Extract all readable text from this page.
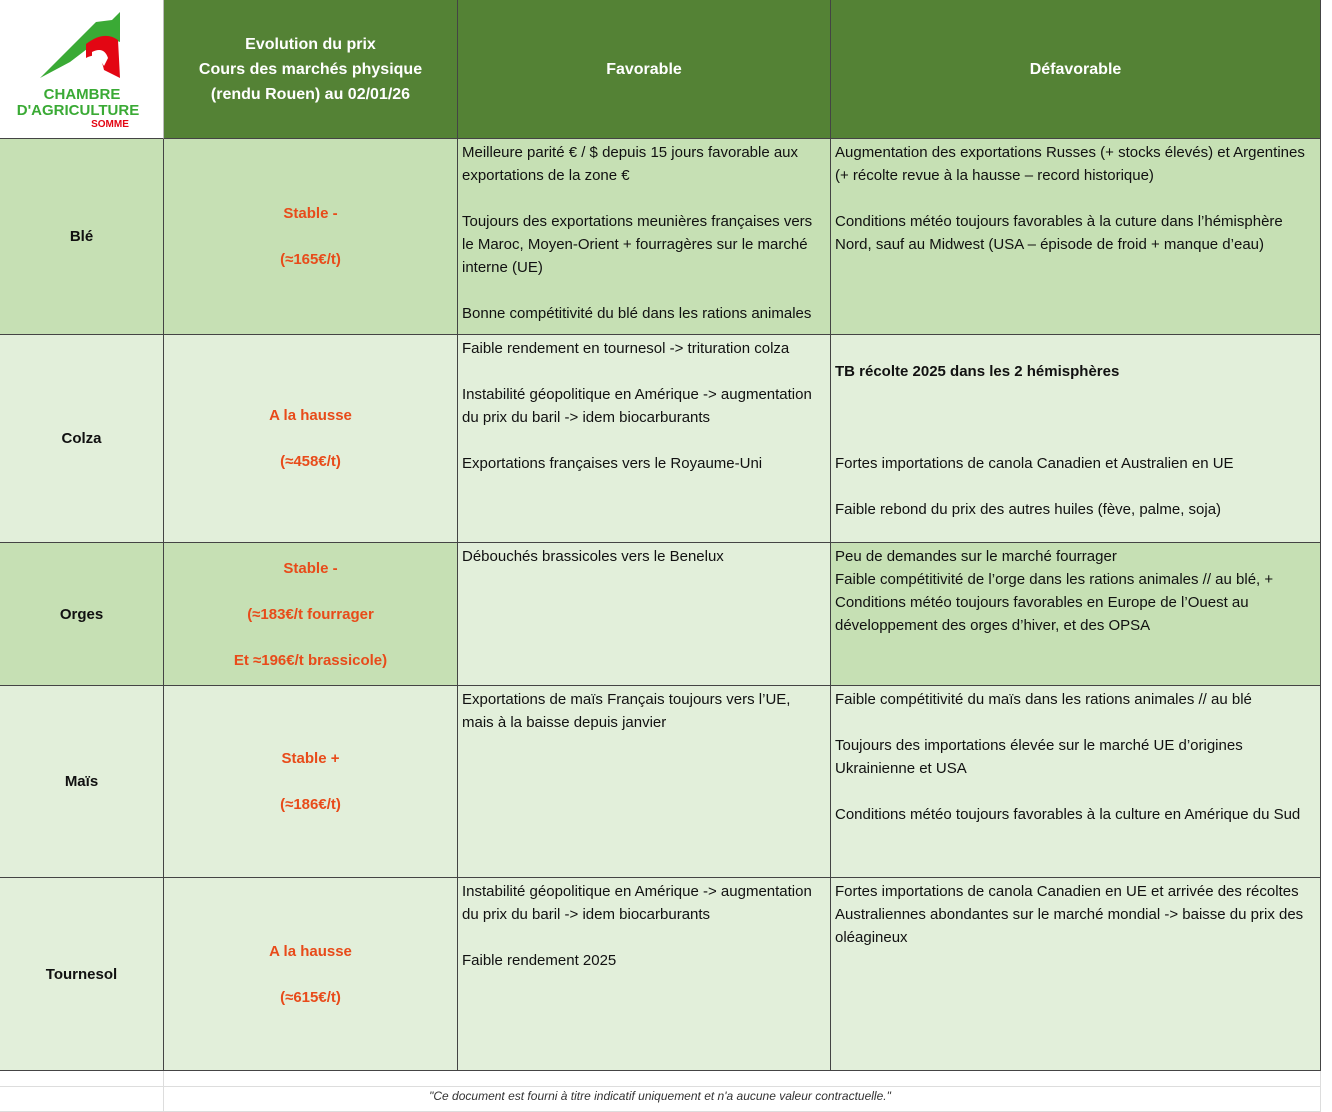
CHAMBRE
D'AGRICULTURE
SOMME
Evolution du prix
Cours des marchés physique
(rendu Rouen) au 02/01/26
Favorable	Défavorable
Blé
Stable -
(≈165€/t)
Meilleure parité € / $ depuis 15 jours favorable aux exportations de la zone €

Toujours des exportations meunières françaises vers le Maroc, Moyen-Orient + fourragères sur le marché interne (UE)

Bonne compétitivité du blé dans les rations animales
Augmentation des exportations Russes (+ stocks élevés) et Argentines (+ récolte revue à la hausse – record historique)

Conditions météo toujours favorables à la cuture dans l’hémisphère Nord, sauf au Midwest (USA – épisode de froid + manque d’eau)
Colza
A la hausse
(≈458€/t)
Faible rendement en tournesol -> trituration colza

Instabilité géopolitique en Amérique -> augmentation du prix du baril -> idem biocarburants

Exportations françaises vers le Royaume-Uni

TB récolte 2025 dans les 2 hémisphères

Fortes importations de canola Canadien et Australien en UE

Faible rebond du prix des autres huiles (fève, palme, soja)

Orges
Stable -
(≈183€/t fourrager
Et ≈196€/t brassicole)
Débouchés brassicoles vers le Benelux	Peu de demandes sur le marché fourrager
Faible compétitivité de l’orge dans les rations animales // au blé, +
Conditions météo toujours favorables en Europe de l’Ouest au développement des orges d’hiver, et des OPSA
Maïs
Stable +
(≈186€/t)
Exportations de maïs Français toujours vers l’UE, mais à la baisse depuis janvier
Faible compétitivité du maïs dans les rations animales // au blé

Toujours des importations élevée sur le marché UE d’origines Ukrainienne et USA

Conditions météo toujours favorables à la culture en Amérique du Sud
Tournesol
A la hausse
(≈615€/t)
Instabilité géopolitique en Amérique -> augmentation du prix du baril -> idem biocarburants

Faible rendement 2025
Fortes importations de canola Canadien en UE et arrivée des récoltes Australiennes abondantes sur le marché mondial -> baisse du prix des oléagineux
"Ce document est fourni à titre indicatif uniquement et n'a aucune valeur contractuelle."
